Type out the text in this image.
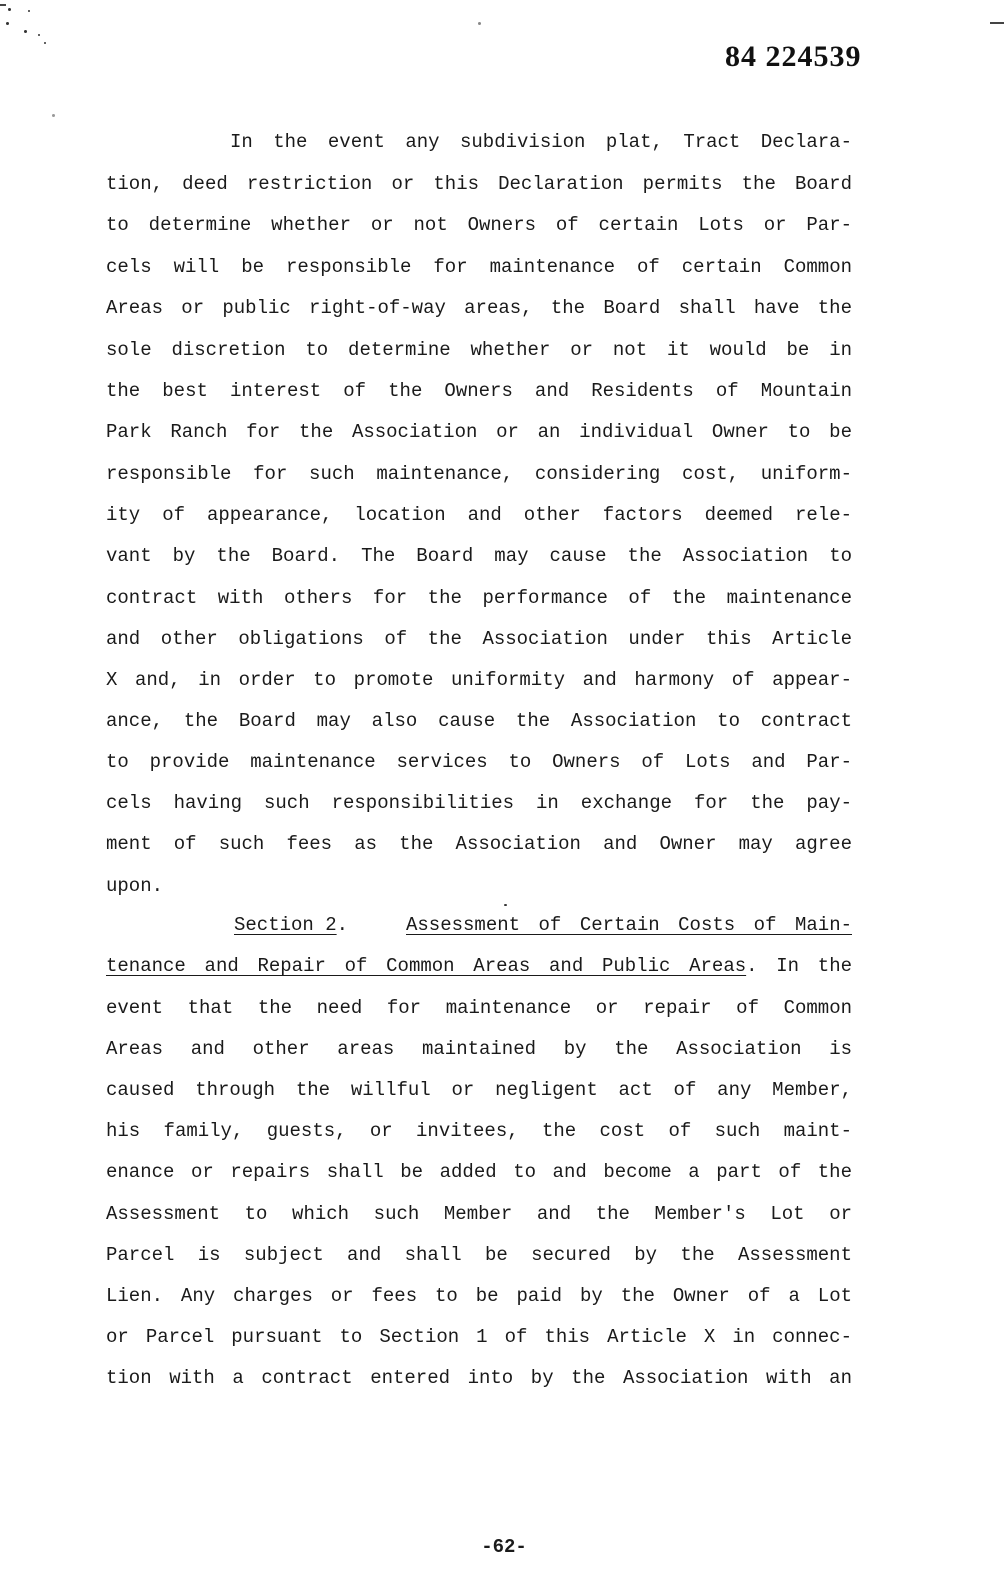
84 224539
In the event any subdivision plat, Tract Declara-
tion, deed restriction or this Declaration permits the Board
to determine whether or not Owners of certain Lots or Par-
cels will be responsible for maintenance of certain Common
Areas or public right-of-way areas, the Board shall have the
sole discretion to determine whether or not it would be in
the best interest of the Owners and Residents of Mountain
Park Ranch for the Association or an individual Owner to be
responsible for such maintenance, considering cost, uniform-
ity of appearance, location and other factors deemed rele-
vant by the Board. The Board may cause the Association to
contract with others for the performance of the maintenance
and other obligations of the Association under this Article
X and, in order to promote uniformity and harmony of appear-
ance, the Board may also cause the Association to contract
to provide maintenance services to Owners of Lots and Par-
cels having such responsibilities in exchange for the pay-
ment of such fees as the Association and Owner may agree
upon.
Section 2.	Assessment of Certain Costs of Main-
tenance and Repair of Common Areas and Public Areas. In the
event that the need for maintenance or repair of Common
Areas and other areas maintained by the Association is
caused through the willful or negligent act of any Member,
his family, guests, or invitees, the cost of such maint-
enance or repairs shall be added to and become a part of the
Assessment to which such Member and the Member's Lot or
Parcel is subject and shall be secured by the Assessment
Lien. Any charges or fees to be paid by the Owner of a Lot
or Parcel pursuant to Section 1 of this Article X in connec-
tion with a contract entered into by the Association with an
-62-
